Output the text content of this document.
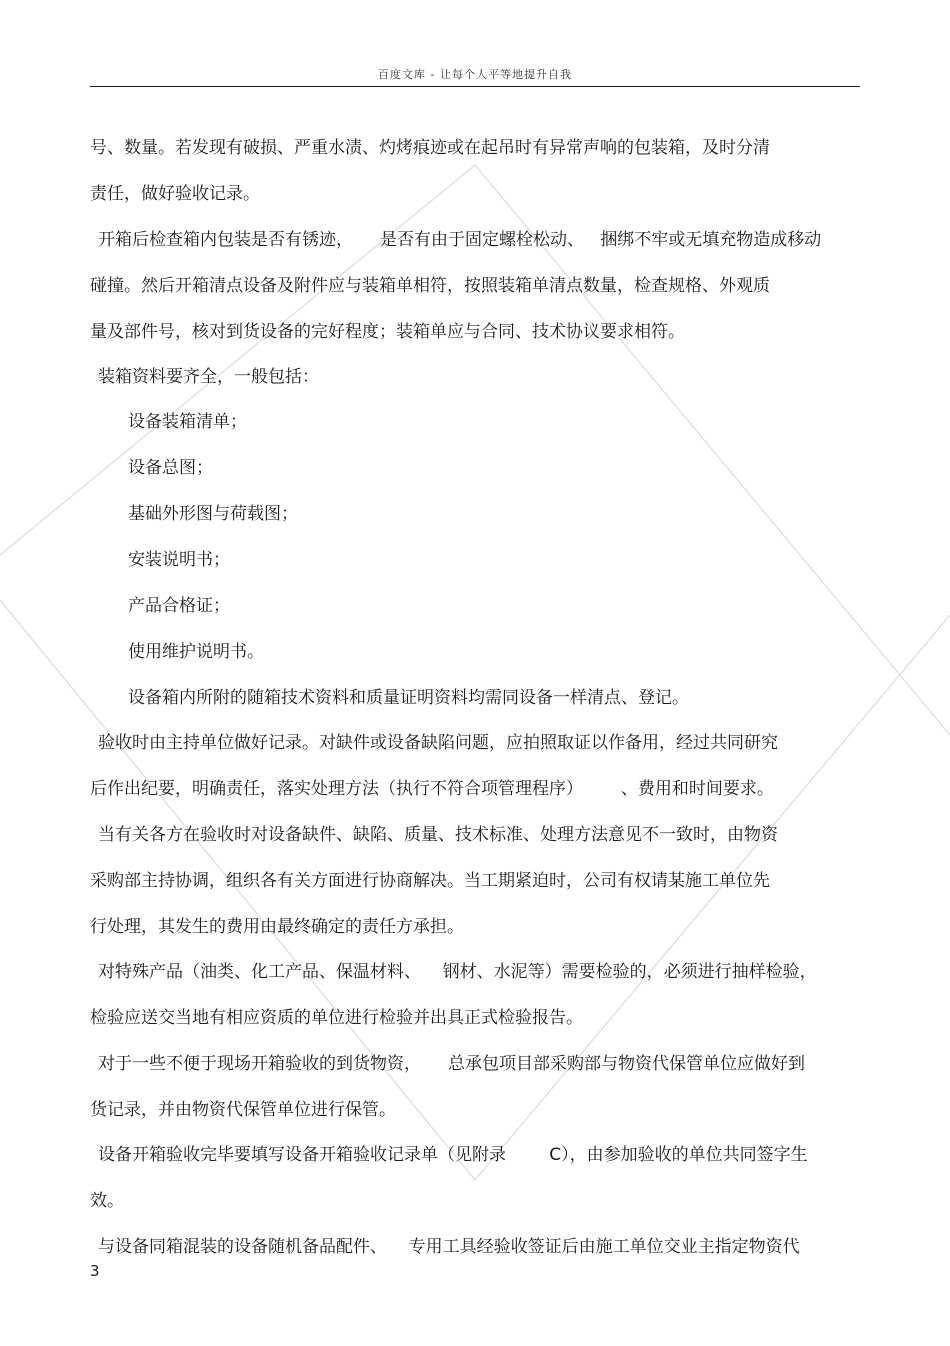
百度文库 - 让每个人平等地提升自我
号、数量。若发现有破损、严重水渍、灼烤痕迹或在起吊时有异常声响的包装箱，及时分清
责任，做好验收记录。
开箱后检查箱内包装是否有锈迹，     是否有由于固定螺栓松动、   捆绑不牢或无填充物造成移动
碰撞。然后开箱清点设备及附件应与装箱单相符，按照装箱单清点数量，检查规格、外观质
量及部件号，核对到货设备的完好程度；装箱单应与合同、技术协议要求相符。
装箱资料要齐全，一般包括：
设备装箱清单；
设备总图；
基础外形图与荷载图；
安装说明书；
产品合格证；
使用维护说明书。
设备箱内所附的随箱技术资料和质量证明资料均需同设备一样清点、登记。
验收时由主持单位做好记录。对缺件或设备缺陷问题，应拍照取证以作备用，经过共同研究
后作出纪要，明确责任，落实处理方法（执行不符合项管理程序）       、费用和时间要求。
当有关各方在验收时对设备缺件、缺陷、质量、技术标准、处理方法意见不一致时，由物资
采购部主持协调，组织各有关方面进行协商解决。当工期紧迫时，公司有权请某施工单位先
行处理，其发生的费用由最终确定的责任方承担。
对特殊产品（油类、化工产品、保温材料、    钢材、水泥等）需要检验的，必须进行抽样检验，
检验应送交当地有相应资质的单位进行检验并出具正式检验报告。
对于一些不便于现场开箱验收的到货物资，     总承包项目部采购部与物资代保管单位应做好到
货记录，并由物资代保管单位进行保管。
设备开箱验收完毕要填写设备开箱验收记录单（见附录        C），由参加验收的单位共同签字生
效。
与设备同箱混装的设备随机备品配件、    专用工具经验收签证后由施工单位交业主指定物资代
3
